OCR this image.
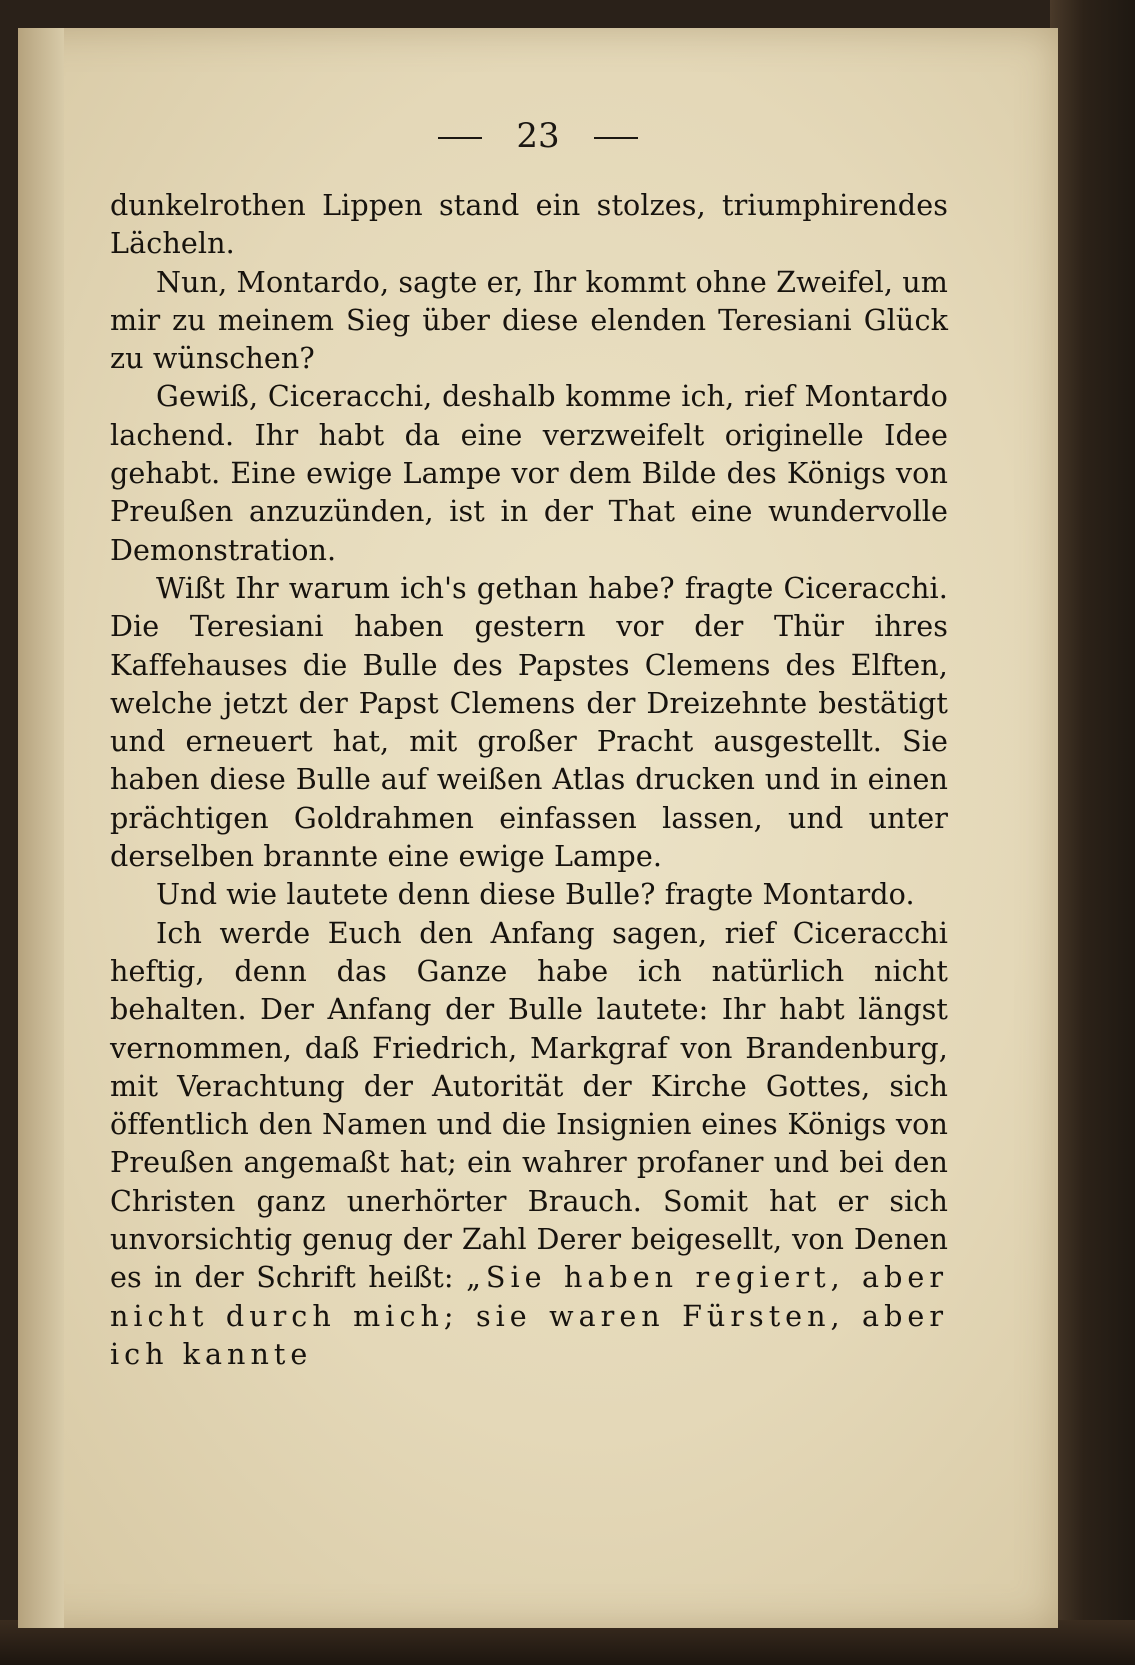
23

dunkelrothen Lippen stand ein stolzes, triumphirendes Lächeln.

Nun, Montardo, sagte er, Ihr kommt ohne Zweifel, um mir zu meinem Sieg über diese elenden Teresiani Glück zu wünschen?

Gewiß, Ciceracchi, deshalb komme ich, rief Montardo lachend. Ihr habt da eine verzweifelt originelle Idee gehabt. Eine ewige Lampe vor dem Bilde des Königs von Preußen anzuzünden, ist in der That eine wundervolle Demonstration.

Wißt Ihr warum ich's gethan habe? fragte Ciceracchi. Die Teresiani haben gestern vor der Thür ihres Kaffehauses die Bulle des Papstes Clemens des Elften, welche jetzt der Papst Clemens der Dreizehnte bestätigt und erneuert hat, mit großer Pracht ausgestellt. Sie haben diese Bulle auf weißen Atlas drucken und in einen prächtigen Goldrahmen einfassen lassen, und unter derselben brannte eine ewige Lampe.

Und wie lautete denn diese Bulle? fragte Montardo.

Ich werde Euch den Anfang sagen, rief Ciceracchi heftig, denn das Ganze habe ich natürlich nicht behalten. Der Anfang der Bulle lautete: Ihr habt längst vernommen, daß Friedrich, Markgraf von Brandenburg, mit Verachtung der Autorität der Kirche Gottes, sich öffentlich den Namen und die Insignien eines Königs von Preußen angemaßt hat; ein wahrer profaner und bei den Christen ganz unerhörter Brauch. Somit hat er sich unvorsichtig genug der Zahl Derer beigesellt, von Denen es in der Schrift heißt: „Sie haben regiert, aber nicht durch mich; sie waren Fürsten, aber ich kannte
